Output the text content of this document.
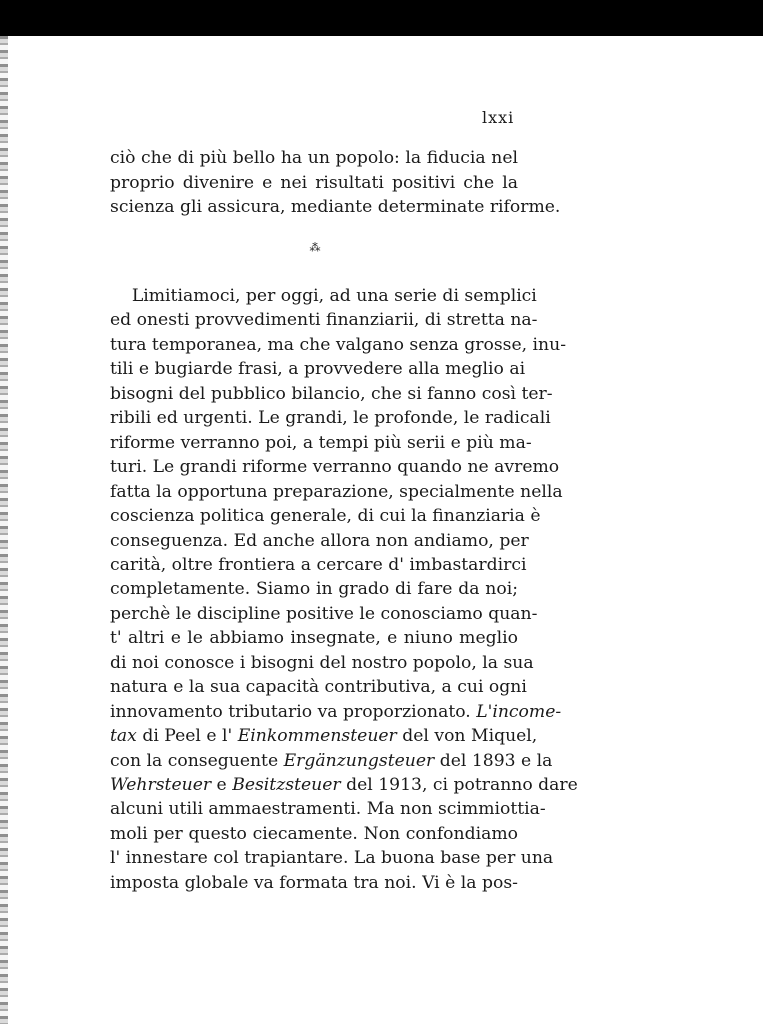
lxxi
⁂
ciò che di più bello ha un popolo: la fiducia nel
proprio divenire e nei risultati positivi che la
scienza gli assicura, mediante determinate riforme.
Limitiamoci, per oggi, ad una serie di semplici
ed onesti provvedimenti finanziarii, di stretta na-
tura temporanea, ma che valgano senza grosse, inu-
tili e bugiarde frasi, a provvedere alla meglio ai
bisogni del pubblico bilancio, che si fanno così ter-
ribili ed urgenti. Le grandi, le profonde, le radicali
riforme verranno poi, a tempi più serii e più ma-
turi. Le grandi riforme verranno quando ne avremo
fatta la opportuna preparazione, specialmente nella
coscienza politica generale, di cui la finanziaria è
conseguenza. Ed anche allora non andiamo, per
carità, oltre frontiera a cercare d' imbastardirci
completamente. Siamo in grado di fare da noi;
perchè le discipline positive le conosciamo quan-
t' altri e le abbiamo insegnate, e niuno meglio
di noi conosce i bisogni del nostro popolo, la sua
natura e la sua capacità contributiva, a cui ogni
innovamento tributario va proporzionato. L'income-
tax di Peel e l' Einkommensteuer del von Miquel,
con la conseguente Ergänzungsteuer del 1893 e la
Wehrsteuer e Besitzsteuer del 1913, ci potranno dare
alcuni utili ammaestramenti. Ma non scimmiottia-
moli per questo ciecamente. Non confondiamo
l' innestare col trapiantare. La buona base per una
imposta globale va formata tra noi. Vi è la pos-
